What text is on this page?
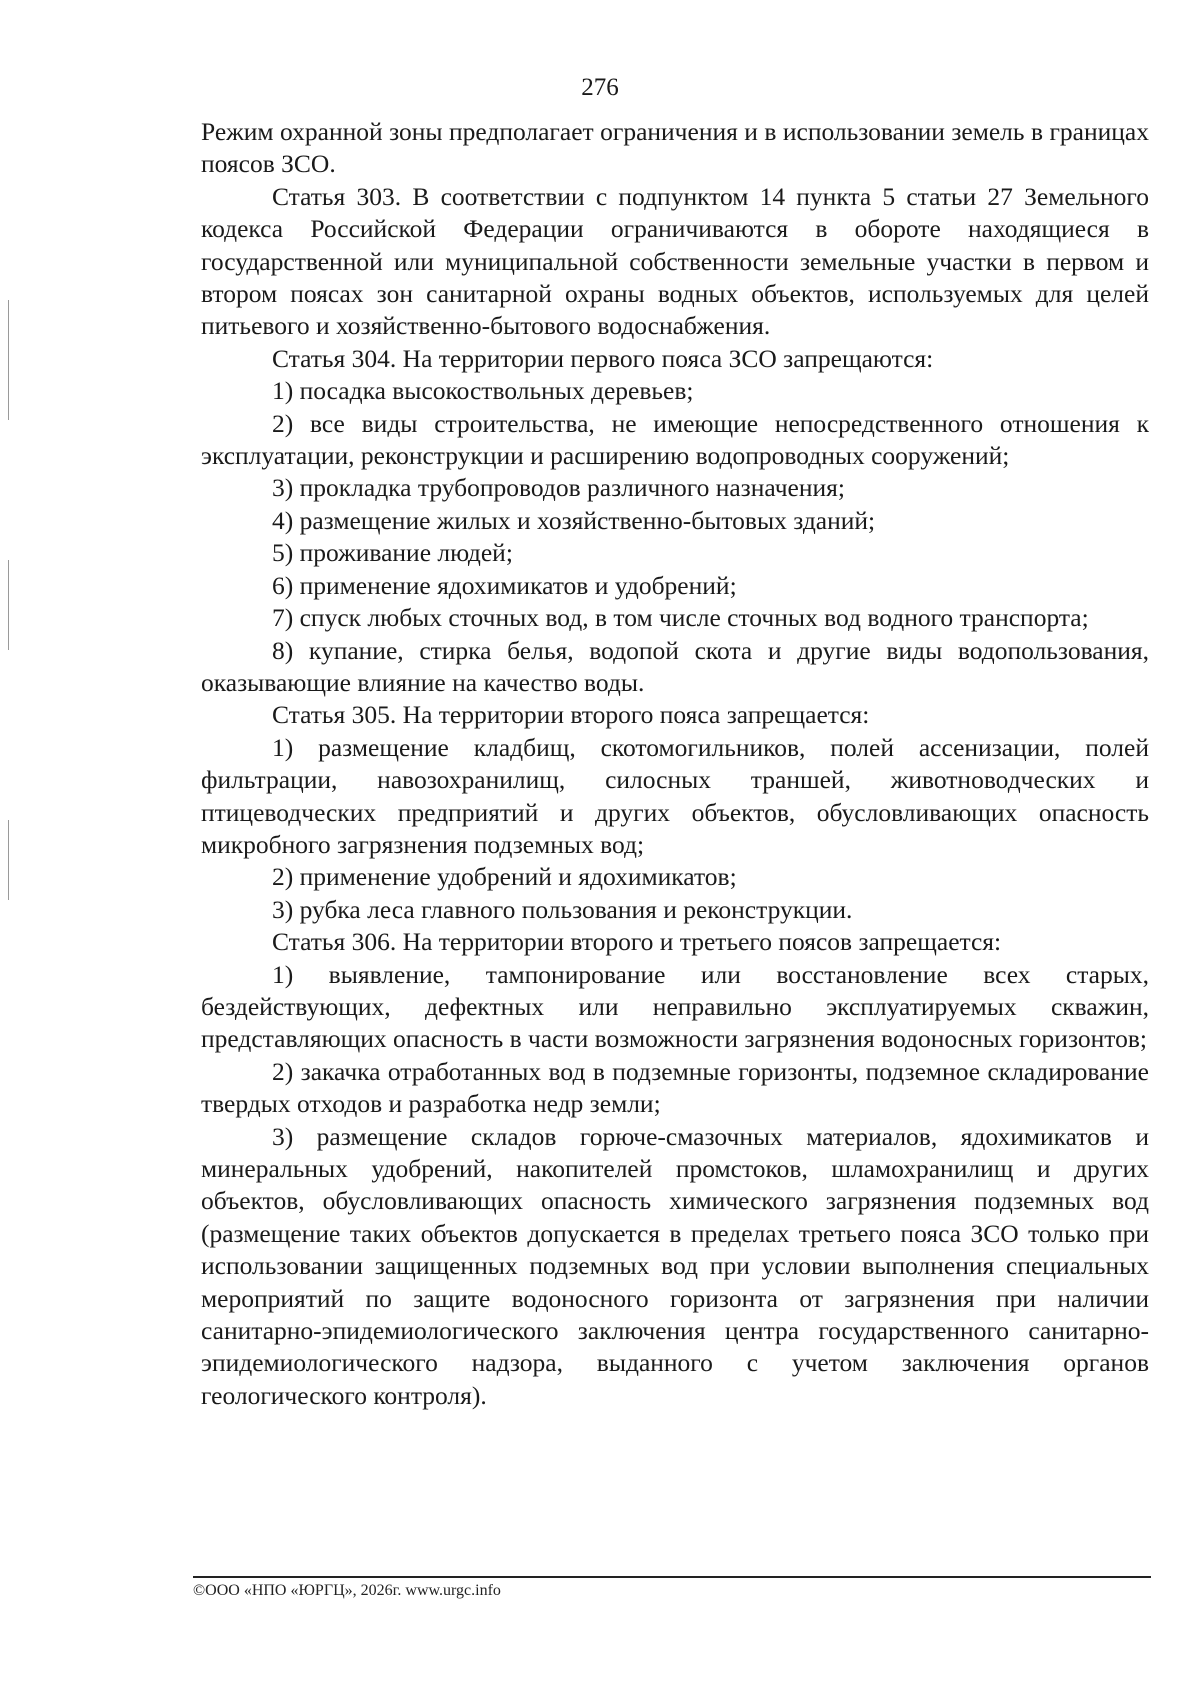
276

Режим охранной зоны предполагает ограничения и в использовании земель в границах поясов ЗСО.

Статья 303. В соответствии с подпунктом 14 пункта 5 статьи 27 Земельного кодекса Российской Федерации ограничиваются в обороте находящиеся в государственной или муниципальной собственности земельные участки в первом и втором поясах зон санитарной охраны водных объектов, используемых для целей питьевого и хозяйственно-бытового водоснабжения.

Статья 304. На территории первого пояса ЗСО запрещаются:

1) посадка высокоствольных деревьев;

2) все виды строительства, не имеющие непосредственного отношения к эксплуатации, реконструкции и расширению водопроводных сооружений;

3) прокладка трубопроводов различного назначения;

4) размещение жилых и хозяйственно-бытовых зданий;

5) проживание людей;

6) применение ядохимикатов и удобрений;

7) спуск любых сточных вод, в том числе сточных вод водного транспорта;

8) купание, стирка белья, водопой скота и другие виды водопользования, оказывающие влияние на качество воды.

Статья 305. На территории второго пояса запрещается:

1) размещение кладбищ, скотомогильников, полей ассенизации, полей фильтрации, навозохранилищ, силосных траншей, животноводческих и птицеводческих предприятий и других объектов, обусловливающих опасность микробного загрязнения подземных вод;

2) применение удобрений и ядохимикатов;

3) рубка леса главного пользования и реконструкции.

Статья 306. На территории второго и третьего поясов запрещается:

1) выявление, тампонирование или восстановление всех старых, бездействующих, дефектных или неправильно эксплуатируемых скважин, представляющих опасность в части возможности загрязнения водоносных горизонтов;

2) закачка отработанных вод в подземные горизонты, подземное складирование твердых отходов и разработка недр земли;

3) размещение складов горюче-смазочных материалов, ядохимикатов и минеральных удобрений, накопителей промстоков, шламохранилищ и других объектов, обусловливающих опасность химического загрязнения подземных вод (размещение таких объектов допускается в пределах третьего пояса ЗСО только при использовании защищенных подземных вод при условии выполнения специальных мероприятий по защите водоносного горизонта от загрязнения при наличии санитарно-эпидемиологического заключения центра государственного санитарно-эпидемиологического надзора, выданного с учетом заключения органов геологического контроля).

©ООО «НПО «ЮРГЦ», 2026г. www.urgc.info
